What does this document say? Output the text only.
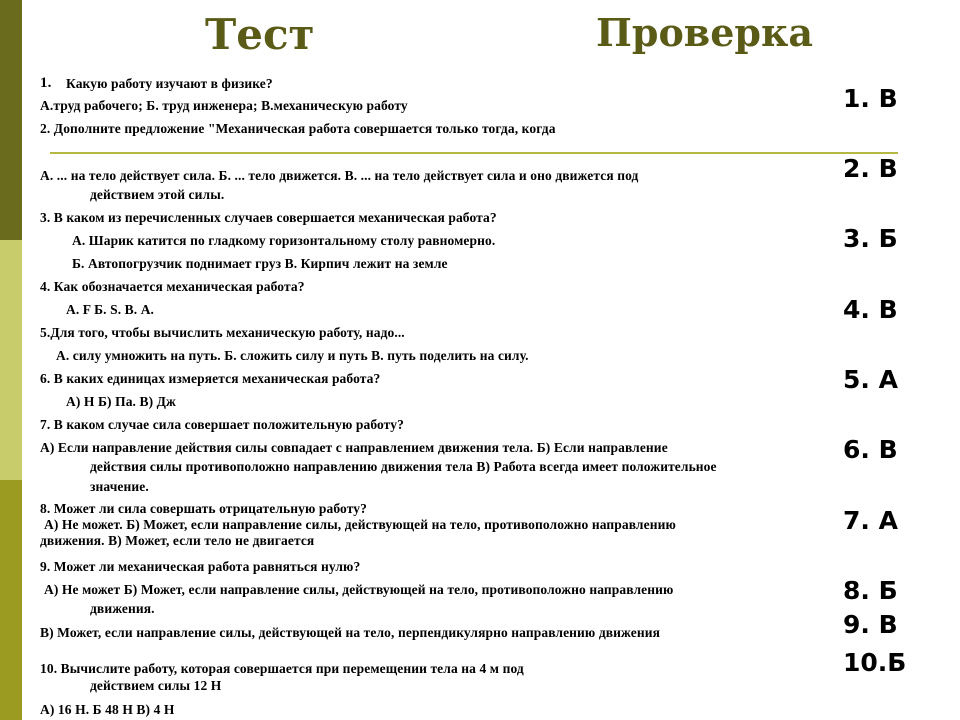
Тест	Проверка

1. Какую работу изучают в физике?

А.труд рабочего; Б. труд инженера; В.механическую работу

2. Дополните предложение "Механическая работа совершается только тогда, когда

А. ... на тело действует сила. Б. ... тело движется. В. ... на тело действует сила и оно движется под

действием этой силы.

3. В каком из перечисленных случаев совершается механическая работа?

А. Шарик катится по гладкому горизонтальному столу равномерно.

Б. Автопогрузчик поднимает груз В. Кирпич лежит на земле

4. Как обозначается механическая работа?

А. F Б. S. В. А.

5.Для того, чтобы вычислить механическую работу, надо...

А. силу умножить на путь. Б. сложить силу и путь В. путь поделить на силу.

6. В каких единицах измеряется механическая работа?

А) Н Б) Па. В) Дж

7. В каком случае сила совершает положительную работу?

А) Если направление действия силы совпадает с направлением движения тела. Б) Если направление

действия силы противоположно направлению движения тела В) Работа всегда имеет положительное

значение.

8. Может ли сила совершать отрицательную работу?

А) Не может. Б) Может, если направление силы, действующей на тело, противоположно направлению

движения. В) Может, если тело не двигается

9. Может ли механическая работа равняться нулю?

А) Не может Б) Может, если направление силы, действующей на тело, противоположно направлению

движения.

В) Может, если направление силы, действующей на тело, перпендикулярно направлению движения

10. Вычислите работу, которая совершается при перемещении тела на 4 м под

действием силы 12 Н

А) 16 Н. Б 48 Н В) 4 Н

1. В

2. В

3. Б

4. В

5. А

6. В

7. А

8. Б

9. В

10.Б
